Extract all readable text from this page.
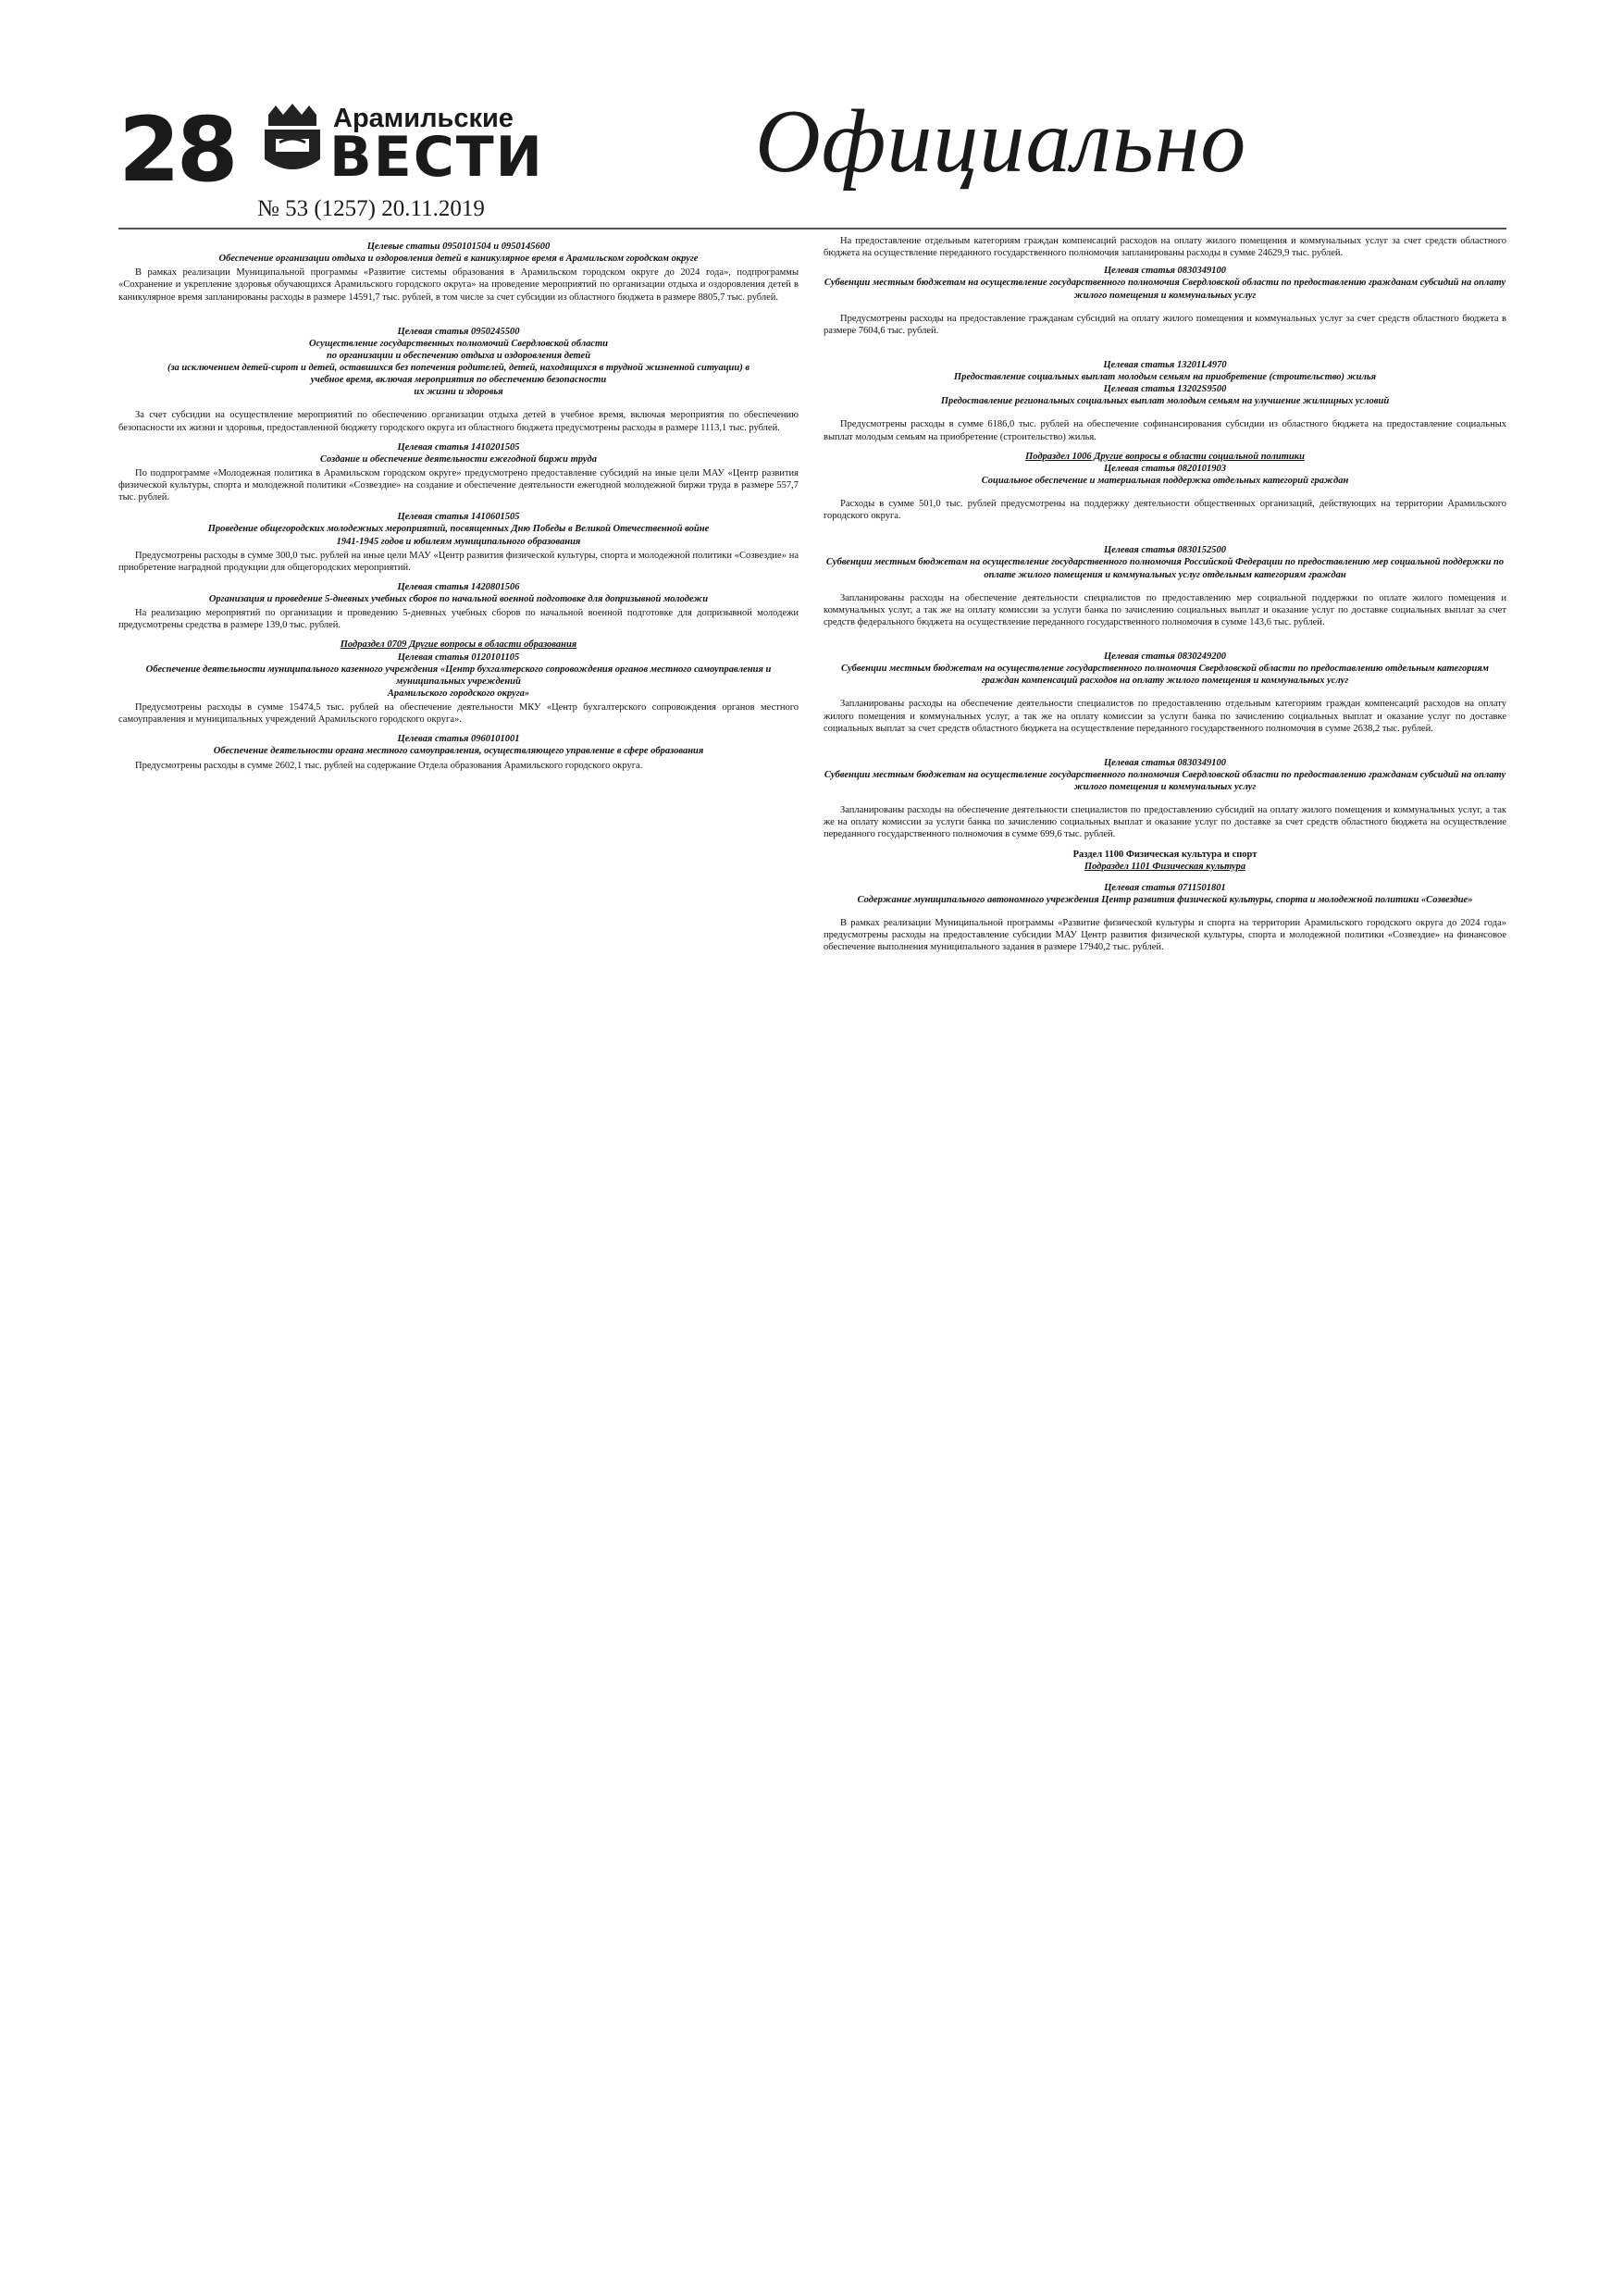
28	Арамильские
ВЕСТИ
№ 53 (1257) 20.11.2019
Официально
Целевые статьи 0950101504 и 0950145600
Обеспечение организации отдыха и оздоровления детей в каникулярное время в Арамильском городском округе
В рамках реализации Муниципальной программы «Развитие системы образования в Арамильском городском округе до 2024 года», подпрограммы «Сохранение и укрепление здоровья обучающихся Арамильского городского округа» на проведение мероприятий по организации отдыха и оздоровления детей в каникулярное время запланированы расходы в размере 14591,7 тыс. рублей, в том числе за счет субсидии из областного бюджета в размере 8805,7 тыс. рублей.
Целевая статья 0950245500
Осуществление государственных полномочий Свердловской области
по организации и обеспечению отдыха и оздоровления детей
(за исключением детей-сирот и детей, оставшихся без попечения родителей, детей, находящихся в трудной жизненной ситуации) в
учебное время, включая мероприятия по обеспечению безопасности
их жизни и здоровья
За счет субсидии на осуществление мероприятий по обеспечению организации отдыха детей в учебное время, включая мероприятия по обеспечению безопасности их жизни и здоровья, предоставленной бюджету городского округа из областного бюджета предусмотрены расходы в размере 1113,1 тыс. рублей.
Целевая статья 1410201505
Создание и обеспечение деятельности ежегодной биржи труда
По подпрограмме «Молодежная политика в Арамильском городском округе» предусмотрено предоставление субсидий на иные цели МАУ «Центр развития физической культуры, спорта и молодежной политики «Созвездие» на создание и обеспечение деятельности ежегодной молодежной биржи труда в размере 557,7 тыс. рублей.
Целевая статья 1410601505
Проведение общегородских молодежных мероприятий, посвященных Дню Победы в Великой Отечественной войне
1941-1945 годов и юбилеям муниципального образования
Предусмотрены расходы в сумме 300,0 тыс. рублей на иные цели МАУ «Центр развития физической культуры, спорта и молодежной политики «Созвездие» на приобретение наградной продукции для общегородских мероприятий.
Целевая статья 1420801506
Организация и проведение 5-дневных учебных сборов по начальной военной подготовке для допризывной молодежи
На реализацию мероприятий по организации и проведению 5-дневных учебных сборов по начальной военной подготовке для допризывной молодежи предусмотрены средства в размере 139,0 тыс. рублей.
Подраздел 0709 Другие вопросы в области образования
Целевая статья 0120101105
Обеспечение деятельности муниципального казенного учреждения «Центр бухгалтерского сопровождения органов местного самоуправления и муниципальных учреждений
Арамильского городского округа»
Предусмотрены расходы в сумме 15474,5 тыс. рублей на обеспечение деятельности МКУ «Центр бухгалтерского сопровождения органов местного самоуправления и муниципальных учреждений Арамильского городского округа».
Целевая статья 0960101001
Обеспечение деятельности органа местного самоуправления, осуществляющего управление в сфере образования
Предусмотрены расходы в сумме 2602,1 тыс. рублей на содержание Отдела образования Арамильского городского округа.
На предоставление отдельным категориям граждан компенсаций расходов на оплату жилого помещения и коммунальных услуг за счет средств областного бюджета на осуществление переданного государственного полномочия запланированы расходы в сумме 24629,9 тыс. рублей.
Целевая статья 0830349100
Субвенции местным бюджетам на осуществление государственного полномочия Свердловской области по предоставлению гражданам субсидий на оплату жилого помещения и коммунальных услуг
Предусмотрены расходы на предоставление гражданам субсидий на оплату жилого помещения и коммунальных услуг за счет средств областного бюджета в размере 7604,6 тыс. рублей.
Целевая статья 13201L4970
Предоставление социальных выплат молодым семьям на приобретение (строительство) жилья
Целевая статья 13202S9500
Предоставление региональных социальных выплат молодым семьям на улучшение жилищных условий
Предусмотрены расходы в сумме 6186,0 тыс. рублей на обеспечение софинансирования субсидии из областного бюджета на предоставление социальных выплат молодым семьям на приобретение (строительство) жилья.
Подраздел 1006 Другие вопросы в области социальной политики
Целевая статья 0820101903
Социальное обеспечение и материальная поддержка отдельных категорий граждан
Расходы в сумме 501,0 тыс. рублей предусмотрены на поддержку деятельности общественных организаций, действующих на территории Арамильского городского округа.
Целевая статья 0830152500
Субвенции местным бюджетам на осуществление государственного полномочия Российской Федерации по предоставлению мер социальной поддержки по оплате жилого помещения и коммунальных услуг отдельным категориям граждан
Запланированы расходы на обеспечение деятельности специалистов по предоставлению мер социальной поддержки по оплате жилого помещения и коммунальных услуг, а так же на оплату комиссии за услуги банка по зачислению социальных выплат и оказание услуг по доставке социальных выплат за счет средств федерального бюджета на осуществление переданного государственного полномочия в сумме 143,6 тыс. рублей.
Целевая статья 0830249200
Субвенции местным бюджетам на осуществление государственного полномочия Свердловской области по предоставлению отдельным категориям граждан компенсаций расходов на оплату жилого помещения и коммунальных услуг
Запланированы расходы на обеспечение деятельности специалистов по предоставлению отдельным категориям граждан компенсаций расходов на оплату жилого помещения и коммунальных услуг, а так же на оплату комиссии за услуги банка по зачислению социальных выплат и оказание услуг по доставке социальных выплат за счет средств областного бюджета на осуществление переданного государственного полномочия в сумме 2638,2 тыс. рублей.
Целевая статья 0830349100
Субвенции местным бюджетам на осуществление государственного полномочия Свердловской области по предоставлению гражданам субсидий на оплату жилого помещения и коммунальных услуг
Запланированы расходы на обеспечение деятельности специалистов по предоставлению субсидий на оплату жилого помещения и коммунальных услуг, а так же на оплату комиссии за услуги банка по зачислению социальных выплат и оказание услуг по доставке за счет средств областного бюджета на осуществление переданного государственного полномочия в сумме 699,6 тыс. рублей.
Раздел 1100 Физическая культура и спорт
Подраздел 1101 Физическая культура
Целевая статья 0711501801
Содержание муниципального автономного учреждения Центр развития физической культуры, спорта и молодежной политики «Созвездие»
В рамках реализации Муниципальной программы «Развитие физической культуры и спорта на территории Арамильского городского округа до 2024 года» предусмотрены расходы на предоставление субсидии МАУ Центр развития физической культуры, спорта и молодежной политики «Созвездие» на финансовое обеспечение выполнения муниципального задания в размере 17940,2 тыс. рублей.
